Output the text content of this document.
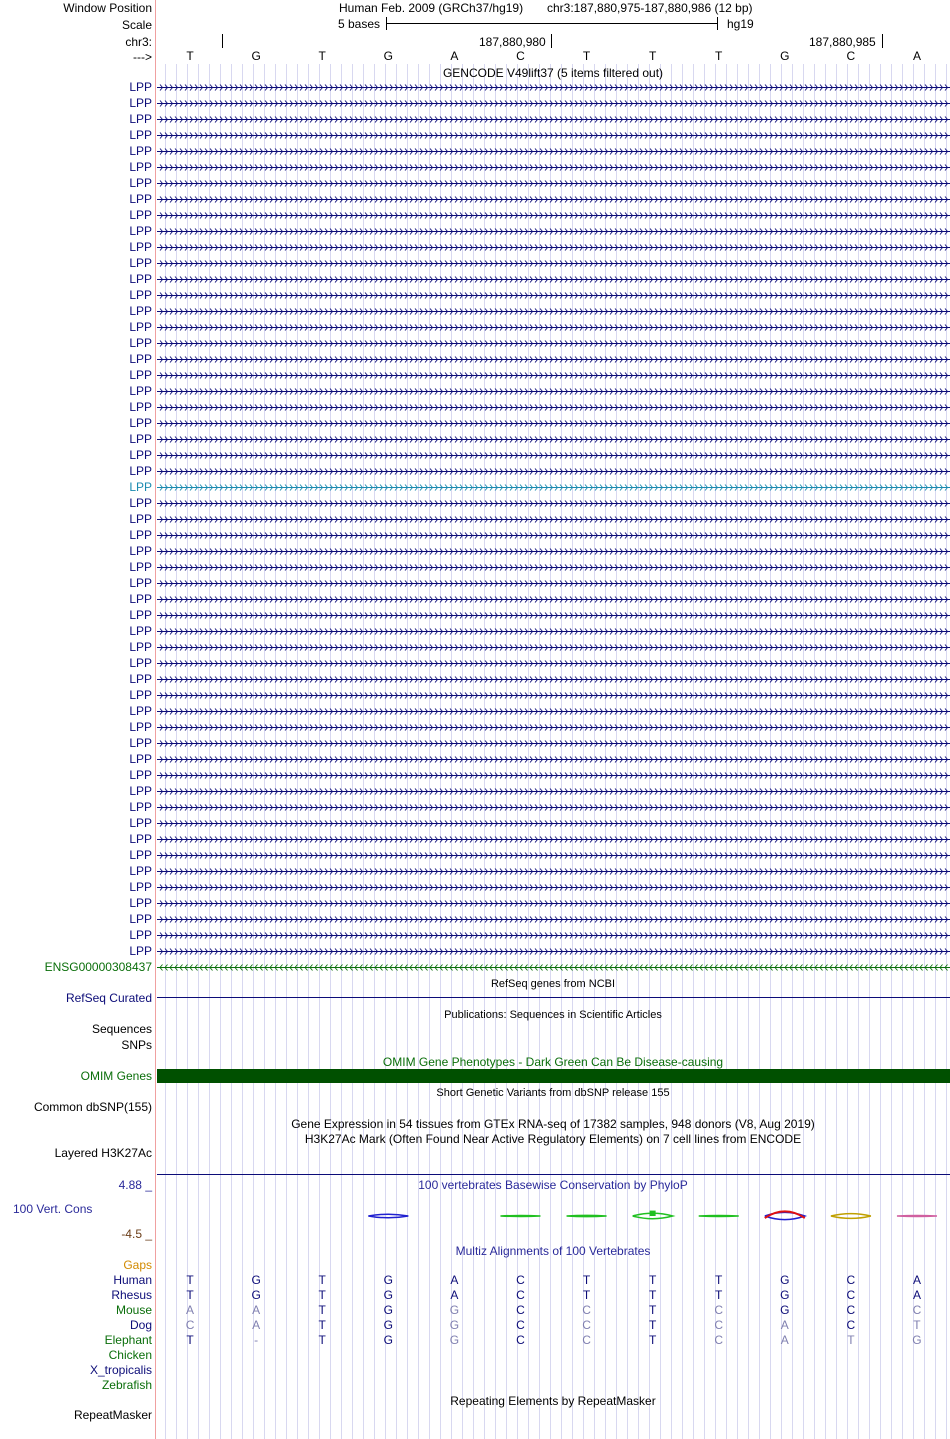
Window Position	Human Feb. 2009 (GRCh37/hg19) chr3:187,880,975-187,880,986 (12 bp)
Scale	5 bases	hg19
chr3:	187,880,980	187,880,985
--->	T	G	T	G	A	C	T	T	T	G	C	A
GENCODE V49lift37 (5 items filtered out)
LPP
LPP
LPP
LPP
LPP
LPP
LPP
LPP
LPP
LPP
LPP
LPP
LPP
LPP
LPP
LPP
LPP
LPP
LPP
LPP
LPP
LPP
LPP
LPP
LPP
LPP
LPP
LPP
LPP
LPP
LPP
LPP
LPP
LPP
LPP
LPP
LPP
LPP
LPP
LPP
LPP
LPP
LPP
LPP
LPP
LPP
LPP
LPP
LPP
LPP
LPP
LPP
LPP
LPP
LPP
ENSG00000308437
RefSeq genes from NCBI
RefSeq Curated
Publications: Sequences in Scientific Articles
Sequences
SNPs
OMIM Gene Phenotypes - Dark Green Can Be Disease-causing
OMIM Genes
Short Genetic Variants from dbSNP release 155
Common dbSNP(155)
Gene Expression in 54 tissues from GTEx RNA-seq of 17382 samples, 948 donors (V8, Aug 2019)
H3K27Ac Mark (Often Found Near Active Regulatory Elements) on 7 cell lines from ENCODE
Layered H3K27Ac
4.88 _	100 vertebrates Basewise Conservation by PhyloP
100 Vert. Cons
-4.5 _
Multiz Alignments of 100 Vertebrates
Gaps
Human	T	G	T	G	A	C	T	T	T	G	C	A
Rhesus	T	G	T	G	A	C	T	T	T	G	C	A
Mouse	A	A	T	G	G	C	C	T	C	G	C	C
Dog	C	A	T	G	G	C	C	T	C	A	C	T
Elephant	T	-	T	G	G	C	C	T	C	A	T	G
Chicken
X_tropicalis
Zebrafish
Repeating Elements by RepeatMasker
RepeatMasker
